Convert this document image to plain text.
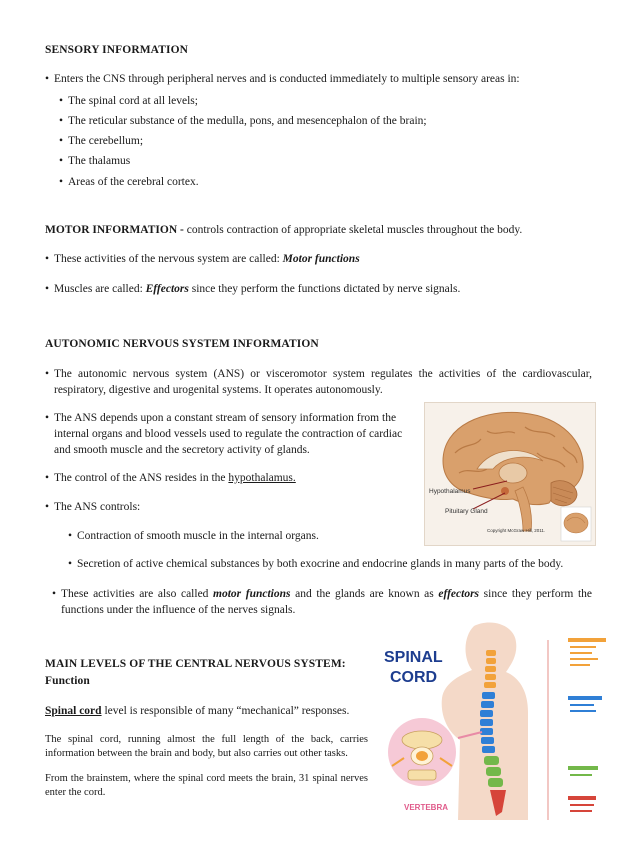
SENSORY INFORMATION
• Enters the CNS through peripheral nerves and is conducted immediately to multiple sensory areas in:
• The spinal cord at all levels;
• The reticular substance of the medulla, pons, and mesencephalon of the brain;
• The cerebellum;
• The thalamus
• Areas of the cerebral cortex.
MOTOR INFORMATION - controls contraction of appropriate skeletal muscles throughout the body.
• These activities of the nervous system are called: Motor functions
• Muscles are called: Effectors since they perform the functions dictated by nerve signals.
AUTONOMIC NERVOUS SYSTEM INFORMATION
• The autonomic nervous system (ANS) or visceromotor system regulates the activities of the cardiovascular, respiratory, digestive and urogenital systems. It operates autonomously.
• The ANS depends upon a constant stream of sensory information from the internal organs and blood vessels used to regulate the contraction of cardiac and smooth muscle and the secretory activity of glands.
• The control of the ANS resides in the hypothalamus.
• The ANS controls:
• Contraction of smooth muscle in the internal organs.
• Secretion of active chemical substances by both exocrine and endocrine glands in many parts of the body.
• These activities are also called motor functions and the glands are known as effectors since they perform the functions under the influence of the nerves signals.
Hypothalamus
Pituitary Gland
Copyright McGraw Hill, 2011.
MAIN LEVELS OF THE CENTRAL NERVOUS SYSTEM:
Function
Spinal cord level is responsible of many “mechanical” responses.
The spinal cord, running almost the full length of the back, carries information between the brain and body, but also carries out other tasks.
From the brainstem, where the spinal cord meets the brain, 31 spinal nerves enter the cord.
SPINAL
CORD
VERTEBRA
